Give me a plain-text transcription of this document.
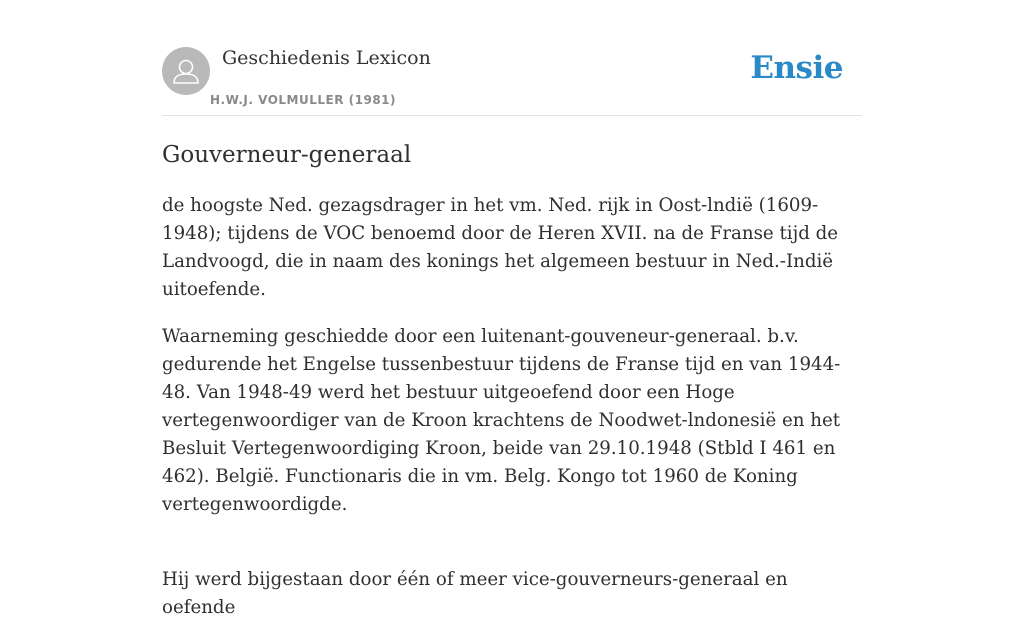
Geschiedenis Lexicon
H.W.J. VOLMULLER (1981)
Ensie
Gouverneur-generaal

de hoogste Ned. gezagsdrager in het vm. Ned. rijk in Oost-lndië (1609-1948); tijdens de VOC benoemd door de Heren XVII. na de Franse tijd de Landvoogd, die in naam des konings het algemeen bestuur in Ned.-Indië uitoefende.

Waarneming geschiedde door een luitenant-gouveneur-generaal. b.v. gedurende het Engelse tussenbestuur tijdens de Franse tijd en van 1944-48. Van 1948-49 werd het bestuur uitgeoefend door een Hoge vertegenwoordiger van de Kroon krachtens de Noodwet-lndonesië en het Besluit Vertegenwoordiging Kroon, beide van 29.10.1948 (Stbld I 461 en 462). België. Functionaris die in vm. Belg. Kongo tot 1960 de Koning vertegenwoordigde.

Hij werd bijgestaan door één of meer vice-gouverneurs-generaal en oefende
